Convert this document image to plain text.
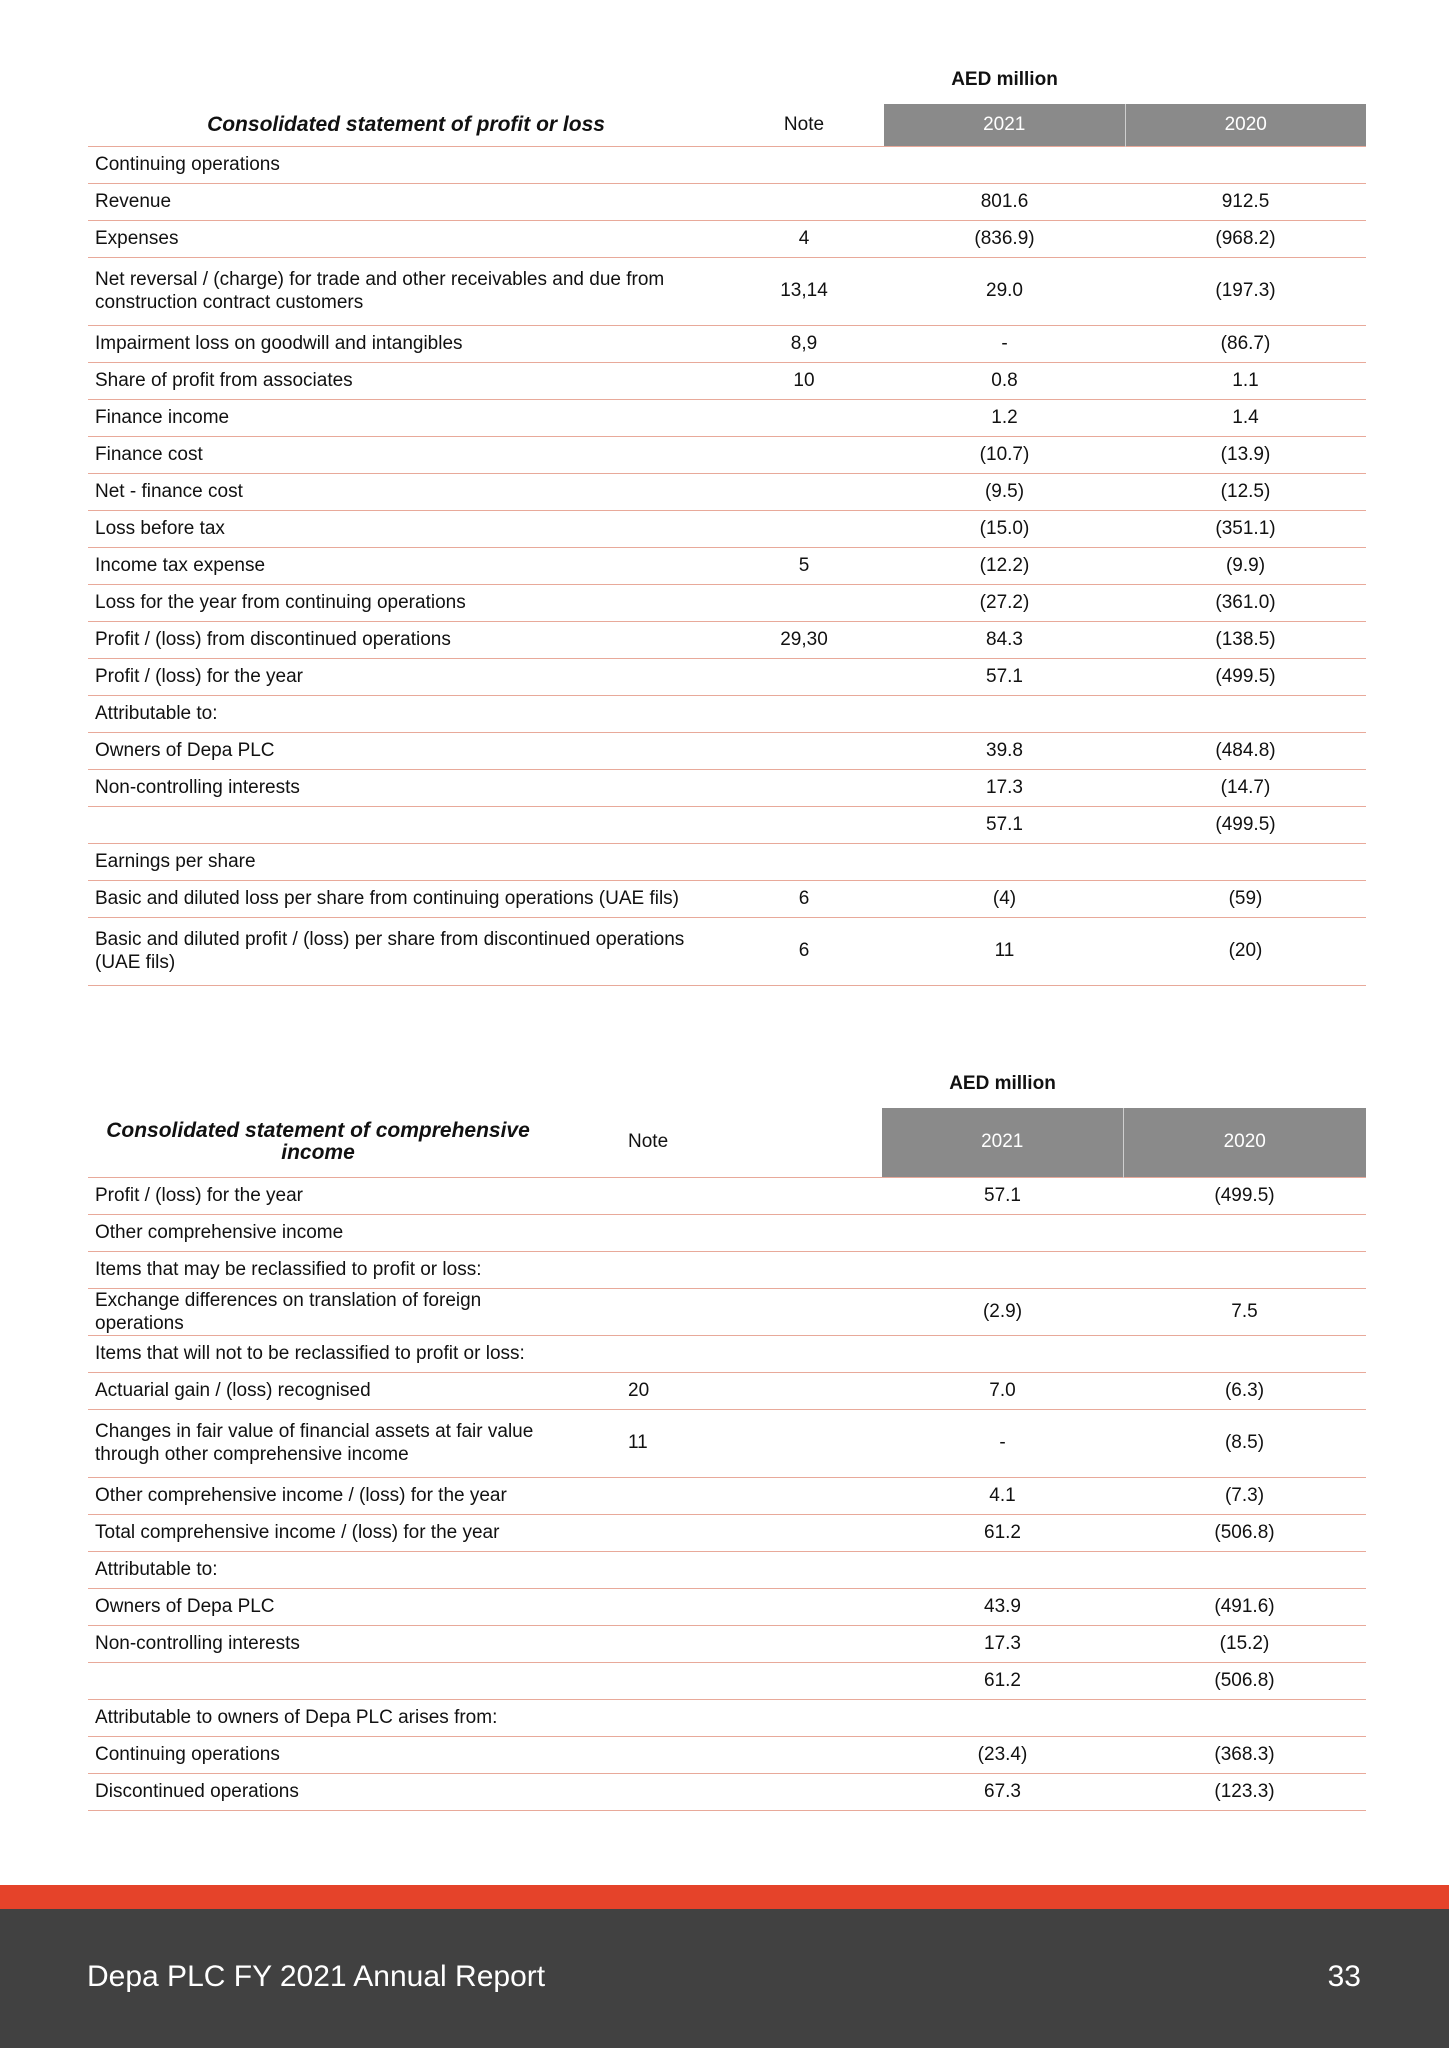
AED million
Consolidated statement of profit or loss	Note	2021	2020
Continuing operations			
Revenue		801.6	912.5
Expenses	4	(836.9)	(968.2)
Net reversal / (charge) for trade and other receivables and due from construction contract customers	13,14	29.0	(197.3)
Impairment loss on goodwill and intangibles	8,9	-	(86.7)
Share of profit from associates	10	0.8	1.1
Finance income		1.2	1.4
Finance cost		(10.7)	(13.9)
Net - finance cost		(9.5)	(12.5)
Loss before tax		(15.0)	(351.1)
Income tax expense	5	(12.2)	(9.9)
Loss for the year from continuing operations		(27.2)	(361.0)
Profit / (loss) from discontinued operations	29,30	84.3	(138.5)
Profit / (loss) for the year		57.1	(499.5)
Attributable to:			
Owners of Depa PLC		39.8	(484.8)
Non-controlling interests		17.3	(14.7)
		57.1	(499.5)
Earnings per share			
Basic and diluted loss per share from continuing operations (UAE fils)	6	(4)	(59)
Basic and diluted profit / (loss) per share from discontinued operations (UAE fils)	6	11	(20)
AED million
Consolidated statement of comprehensive income	Note	2021	2020
Profit / (loss) for the year		57.1	(499.5)
Other comprehensive income			
Items that may be reclassified to profit or loss:			
Exchange differences on translation of foreign operations		(2.9)	7.5
Items that will not to be reclassified to profit or loss:			
Actuarial gain / (loss) recognised	20	7.0	(6.3)
Changes in fair value of financial assets at fair value through other comprehensive income	11	-	(8.5)
Other comprehensive income / (loss) for the year		4.1	(7.3)
Total comprehensive income / (loss) for the year		61.2	(506.8)
Attributable to:			
Owners of Depa PLC		43.9	(491.6)
Non-controlling interests		17.3	(15.2)
		61.2	(506.8)
Attributable to owners of Depa PLC arises from:			
Continuing operations		(23.4)	(368.3)
Discontinued operations		67.3	(123.3)
Depa PLC FY 2021 Annual Report	33
